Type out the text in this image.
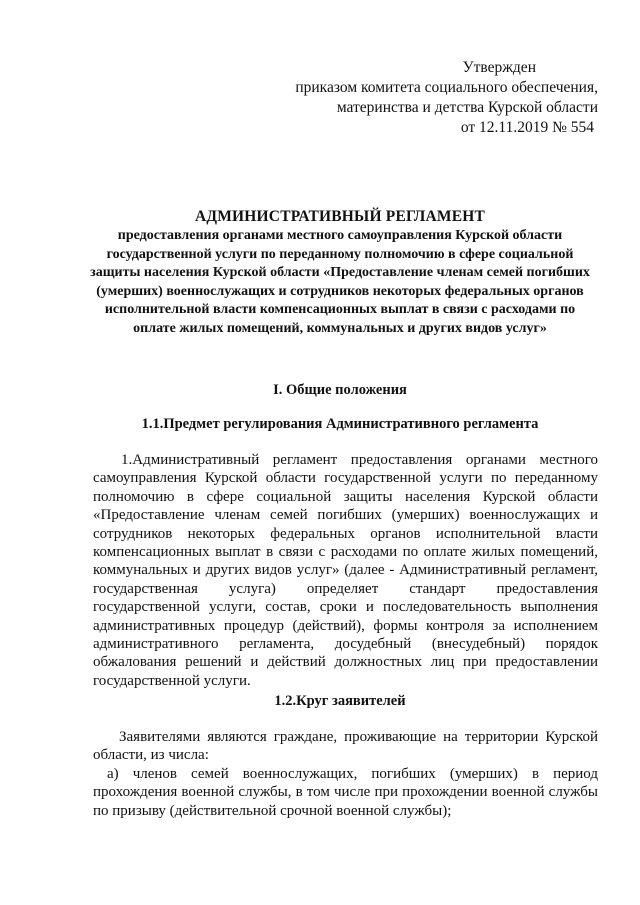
Утвержден
приказом комитета социального обеспечения,
материнства и детства Курской области
от 12.11.2019 № 554
АДМИНИСТРАТИВНЫЙ РЕГЛАМЕНТ
предоставления органами местного самоуправления Курской области государственной услуги по переданному полномочию в сфере социальной защиты населения Курской области «Предоставление членам семей погибших (умерших) военнослужащих и сотрудников некоторых федеральных органов исполнительной власти компенсационных выплат в связи с расходами по оплате жилых помещений, коммунальных и других видов услуг»
I. Общие положения
1.1.Предмет регулирования Административного регламента
1.Административный регламент предоставления органами местного самоуправления Курской области государственной услуги по переданному полномочию в сфере социальной защиты населения Курской области «Предоставление членам семей погибших (умерших) военнослужащих и сотрудников некоторых федеральных органов исполнительной власти компенсационных выплат в связи с расходами по оплате жилых помещений, коммунальных и других видов услуг» (далее - Административный регламент, государственная услуга) определяет стандарт предоставления государственной услуги, состав, сроки и последовательность выполнения административных процедур (действий), формы контроля за исполнением административного регламента, досудебный (внесудебный) порядок обжалования решений и действий должностных лиц при предоставлении государственной услуги.
1.2.Круг заявителей
Заявителями являются граждане, проживающие на территории Курской области, из числа:
а) членов семей военнослужащих, погибших (умерших) в период прохождения военной службы, в том числе при прохождении военной службы по призыву (действительной срочной военной службы);
